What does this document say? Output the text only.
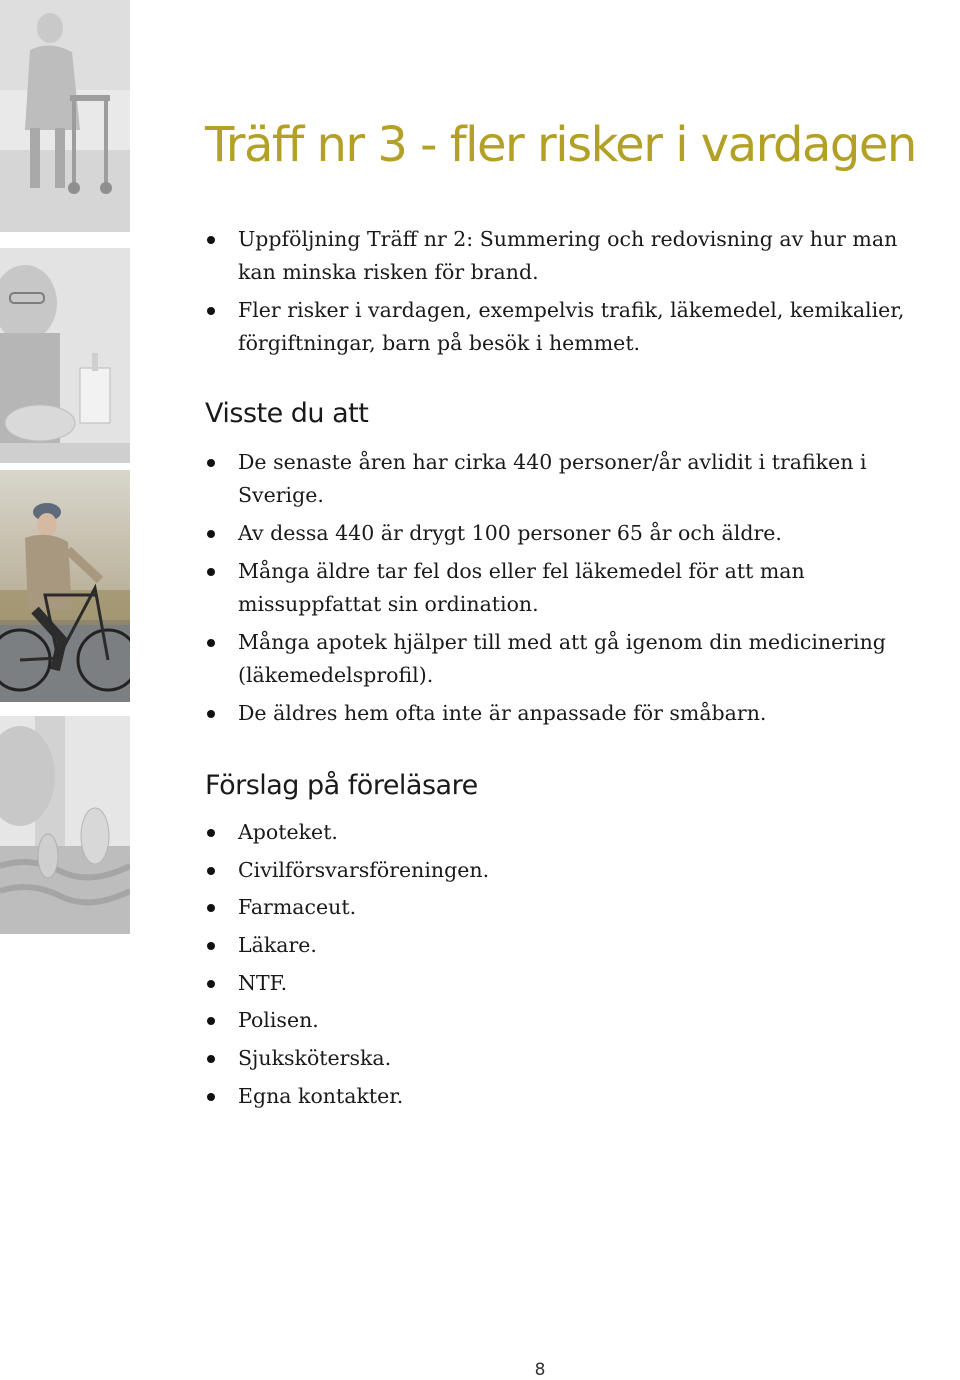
Träff nr 3 - fler risker i vardagen
Uppföljning Träff nr 2: Summering och redovisning av hur man kan minska risken för brand.
Fler risker i vardagen, exempelvis trafik, läkemedel, kemikalier, förgiftningar, barn på besök i hemmet.
Visste du att
De senaste åren har cirka 440 personer/år avlidit i trafiken i Sverige.
Av dessa 440 är drygt 100 personer 65 år och äldre.
Många äldre tar fel dos eller fel läkemedel för att man missuppfattat sin ordination.
Många apotek hjälper till med att gå igenom din medicinering (läkemedelsprofil).
De äldres hem ofta inte är anpassade för småbarn.
Förslag på föreläsare
Apoteket.
Civilförsvarsföreningen.
Farmaceut.
Läkare.
NTF.
Polisen.
Sjuksköterska.
Egna kontakter.
8
